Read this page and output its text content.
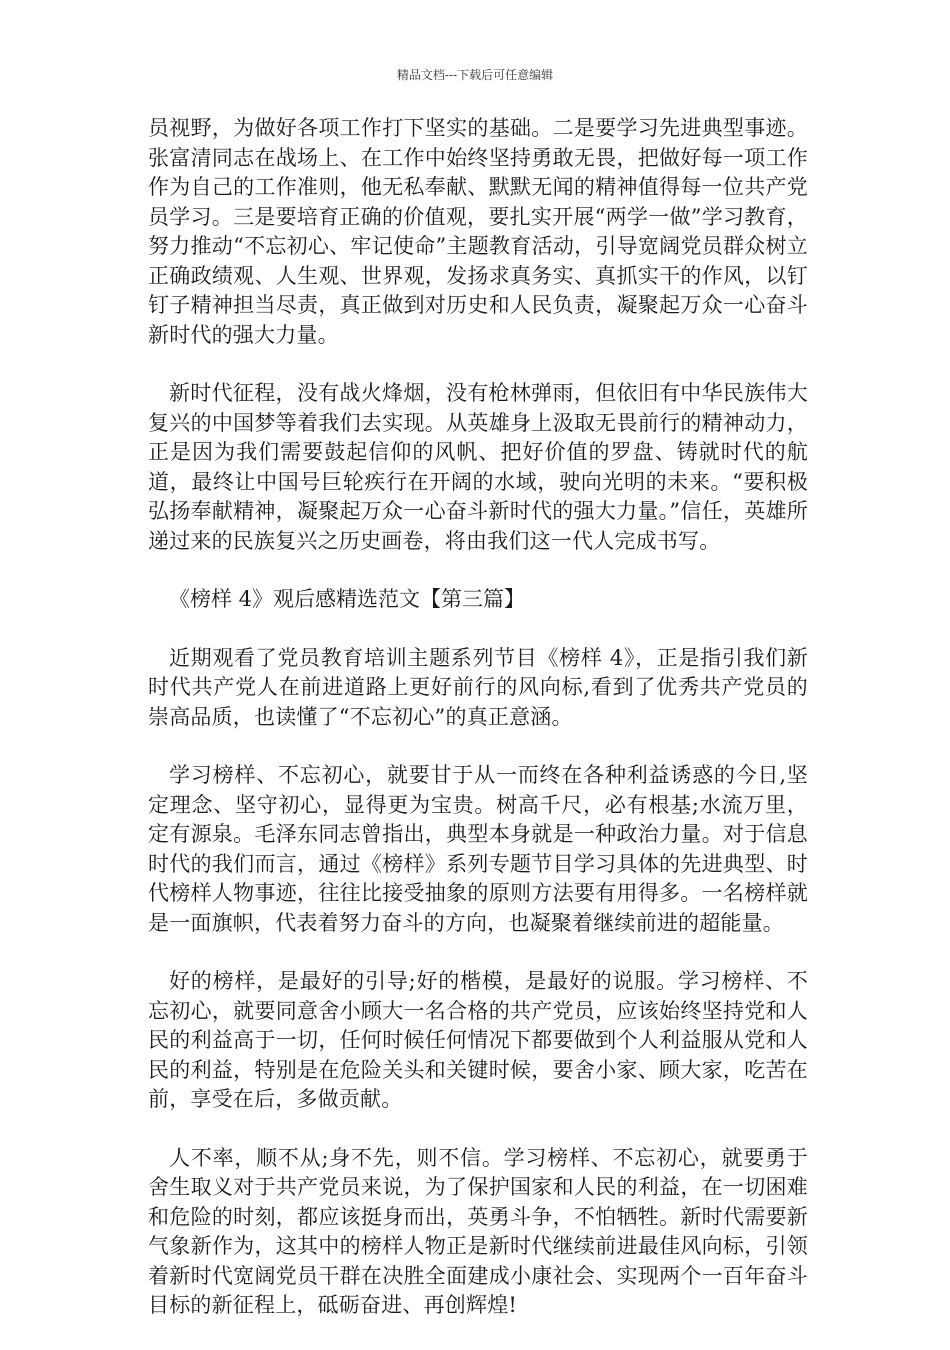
精品文档---下载后可任意编辑

员视野，为做好各项工作打下坚实的基础。二是要学习先进典型事迹。张富清同志在战场上、在工作中始终坚持勇敢无畏，把做好每一项工作作为自己的工作准则，他无私奉献、默默无闻的精神值得每一位共产党员学习。三是要培育正确的价值观，要扎实开展“两学一做”学习教育，努力推动“不忘初心、牢记使命”主题教育活动，引导宽阔党员群众树立正确政绩观、人生观、世界观，发扬求真务实、真抓实干的作风，以钉钉子精神担当尽责，真正做到对历史和人民负责，凝聚起万众一心奋斗新时代的强大力量。

新时代征程，没有战火烽烟，没有枪林弹雨，但依旧有中华民族伟大复兴的中国梦等着我们去实现。从英雄身上汲取无畏前行的精神动力，正是因为我们需要鼓起信仰的风帆、把好价值的罗盘、铸就时代的航道，最终让中国号巨轮疾行在开阔的水域，驶向光明的未来。“要积极弘扬奉献精神，凝聚起万众一心奋斗新时代的强大力量。”信任，英雄所递过来的民族复兴之历史画卷，将由我们这一代人完成书写。

《榜样 4》观后感精选范文【第三篇】

近期观看了党员教育培训主题系列节目《榜样 4》，正是指引我们新时代共产党人在前进道路上更好前行的风向标,看到了优秀共产党员的崇高品质，也读懂了“不忘初心”的真正意涵。

学习榜样、不忘初心，就要甘于从一而终在各种利益诱惑的今日,坚定理念、坚守初心，显得更为宝贵。树高千尺，必有根基;水流万里，定有源泉。毛泽东同志曾指出，典型本身就是一种政治力量。对于信息时代的我们而言，通过《榜样》系列专题节目学习具体的先进典型、时代榜样人物事迹，往往比接受抽象的原则方法要有用得多。一名榜样就是一面旗帜，代表着努力奋斗的方向，也凝聚着继续前进的超能量。

好的榜样，是最好的引导;好的楷模，是最好的说服。学习榜样、不忘初心，就要同意舍小顾大一名合格的共产党员，应该始终坚持党和人民的利益高于一切，任何时候任何情况下都要做到个人利益服从党和人民的利益，特别是在危险关头和关键时候，要舍小家、顾大家，吃苦在前，享受在后，多做贡献。

人不率，顺不从;身不先，则不信。学习榜样、不忘初心，就要勇于舍生取义对于共产党员来说，为了保护国家和人民的利益，在一切困难和危险的时刻，都应该挺身而出，英勇斗争，不怕牺牲。新时代需要新气象新作为，这其中的榜样人物正是新时代继续前进最佳风向标，引领着新时代宽阔党员干群在决胜全面建成小康社会、实现两个一百年奋斗目标的新征程上，砥砺奋进、再创辉煌!
